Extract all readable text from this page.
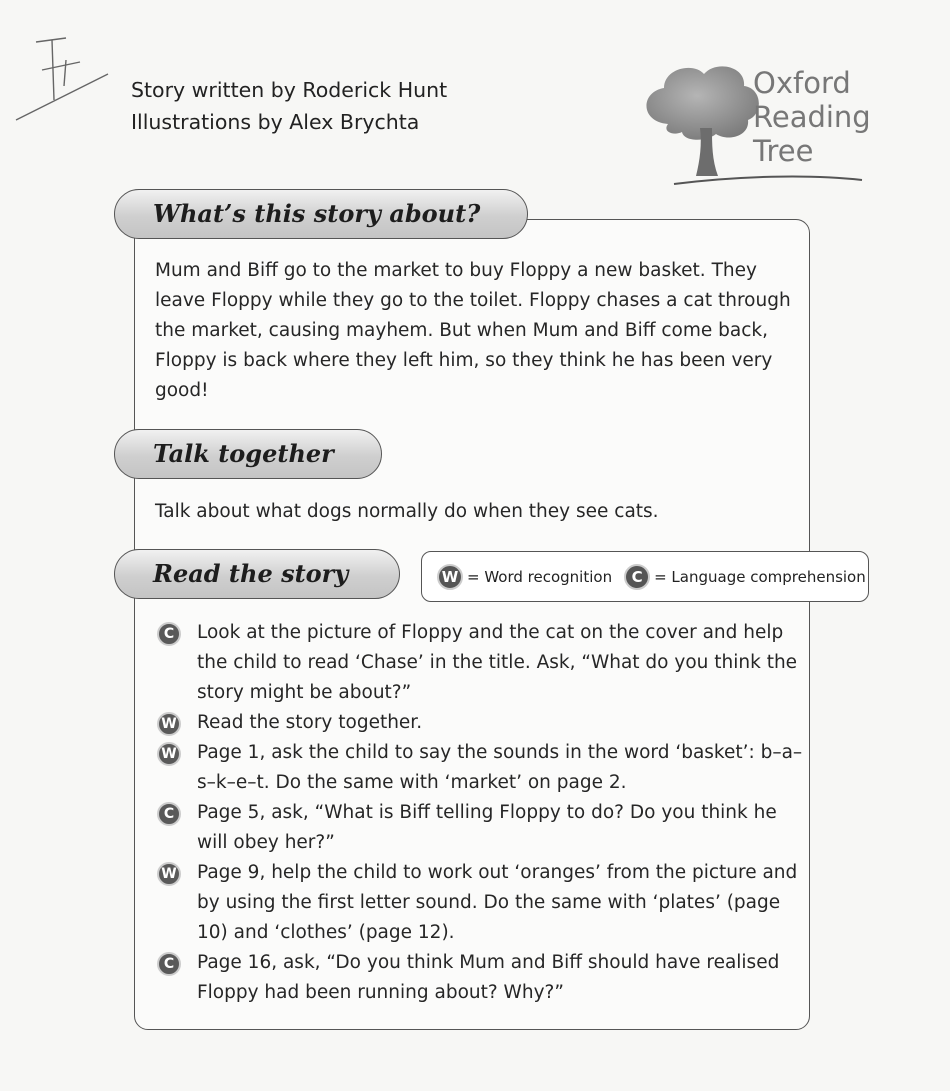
Story written by Roderick Hunt
Illustrations by Alex Brychta
Oxford
Reading
Tree
What’s this story about?
Mum and Biff go to the market to buy Floppy a new basket. They leave Floppy while they go to the toilet. Floppy chases a cat through the market, causing mayhem. But when Mum and Biff come back, Floppy is back where they left him, so they think he has been very good!
Talk together
Talk about what dogs normally do when they see cats.
Read the story	W = Word recognition	C = Language comprehension
C	Look at the picture of Floppy and the cat on the cover and help the child to read ‘Chase’ in the title. Ask, “What do you think the story might be about?”
W Read the story together.
W Page 1, ask the child to say the sounds in the word ‘basket’: b–a–s–k–e–t. Do the same with ‘market’ on page 2.
C	Page 5, ask, “What is Biff telling Floppy to do? Do you think he will obey her?”
W Page 9, help the child to work out ‘oranges’ from the picture and by using the first letter sound. Do the same with ‘plates’ (page 10) and ‘clothes’ (page 12).
C	Page 16, ask, “Do you think Mum and Biff should have realised Floppy had been running about? Why?”
